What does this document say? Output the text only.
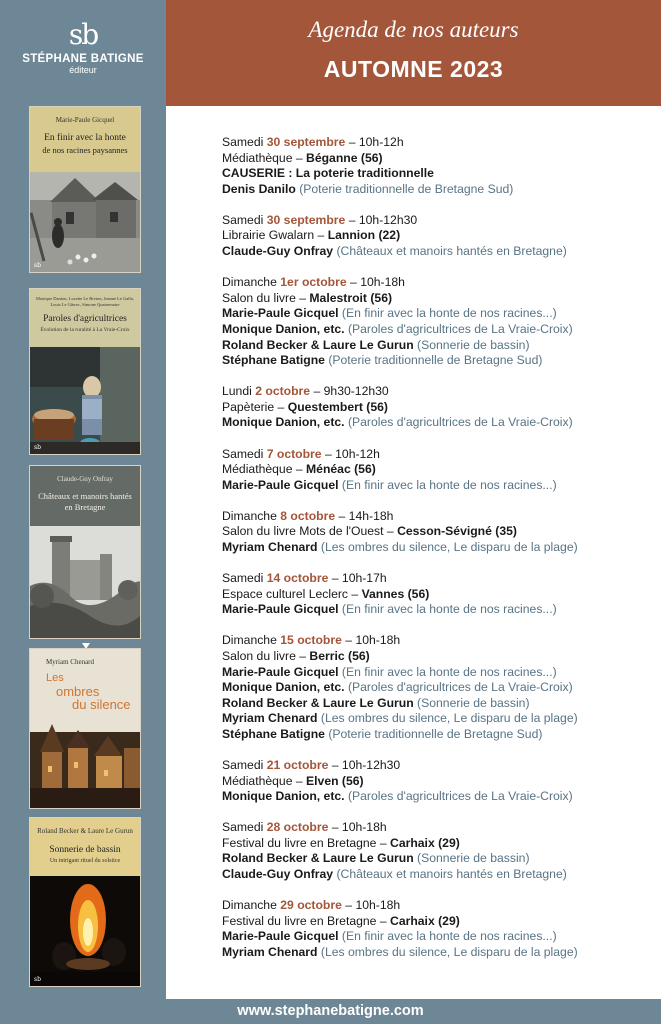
sb
STÉPHANE BATIGNE
éditeur
Marie-Paule Gicquel
En finir avec la honte
de nos racines paysannes
sb
Monique Danion, Lucette Le Breton, Jeanne Le Gallo, Louis Le Gârrec, Simone Quatremaire
Paroles d'agricultrices
Évolution de la ruralité à La Vraie-Croix
sb
Claude-Guy Onfray
Châteaux et manoirs hantés
en Bretagne
Myriam Chenard
Les
ombres
du silence
Roland Becker & Laure Le Gurun
Sonnerie de bassin
Un intrigant rituel du solstice
sb
Agenda de nos auteurs
AUTOMNE 2023
Samedi 30 septembre – 10h-12h
Médiathèque – Béganne (56)
CAUSERIE : La poterie traditionnelle
Denis Danilo (Poterie traditionnelle de Bretagne Sud)
Samedi 30 septembre – 10h-12h30
Librairie Gwalarn – Lannion (22)
Claude-Guy Onfray (Châteaux et manoirs hantés en Bretagne)
Dimanche 1er octobre – 10h-18h
Salon du livre – Malestroit (56)
Marie-Paule Gicquel (En finir avec la honte de nos racines...)
Monique Danion, etc. (Paroles d'agricultrices de La Vraie-Croix)
Roland Becker & Laure Le Gurun (Sonnerie de bassin)
Stéphane Batigne (Poterie traditionnelle de Bretagne Sud)
Lundi 2 octobre – 9h30-12h30
Papèterie – Questembert (56)
Monique Danion, etc. (Paroles d'agricultrices de La Vraie-Croix)
Samedi 7 octobre – 10h-12h
Médiathèque – Ménéac (56)
Marie-Paule Gicquel (En finir avec la honte de nos racines...)
Dimanche 8 octobre – 14h-18h
Salon du livre Mots de l'Ouest – Cesson-Sévigné (35)
Myriam Chenard (Les ombres du silence, Le disparu de la plage)
Samedi 14 octobre – 10h-17h
Espace culturel Leclerc – Vannes (56)
Marie-Paule Gicquel (En finir avec la honte de nos racines...)
Dimanche 15 octobre – 10h-18h
Salon du livre – Berric (56)
Marie-Paule Gicquel (En finir avec la honte de nos racines...)
Monique Danion, etc. (Paroles d'agricultrices de La Vraie-Croix)
Roland Becker & Laure Le Gurun (Sonnerie de bassin)
Myriam Chenard (Les ombres du silence, Le disparu de la plage)
Stéphane Batigne (Poterie traditionnelle de Bretagne Sud)
Samedi 21 octobre – 10h-12h30
Médiathèque – Elven (56)
Monique Danion, etc. (Paroles d'agricultrices de La Vraie-Croix)
Samedi 28 octobre – 10h-18h
Festival du livre en Bretagne – Carhaix (29)
Roland Becker & Laure Le Gurun (Sonnerie de bassin)
Claude-Guy Onfray (Châteaux et manoirs hantés en Bretagne)
Dimanche 29 octobre – 10h-18h
Festival du livre en Bretagne – Carhaix (29)
Marie-Paule Gicquel (En finir avec la honte de nos racines...)
Myriam Chenard (Les ombres du silence, Le disparu de la plage)
www.stephanebatigne.com
